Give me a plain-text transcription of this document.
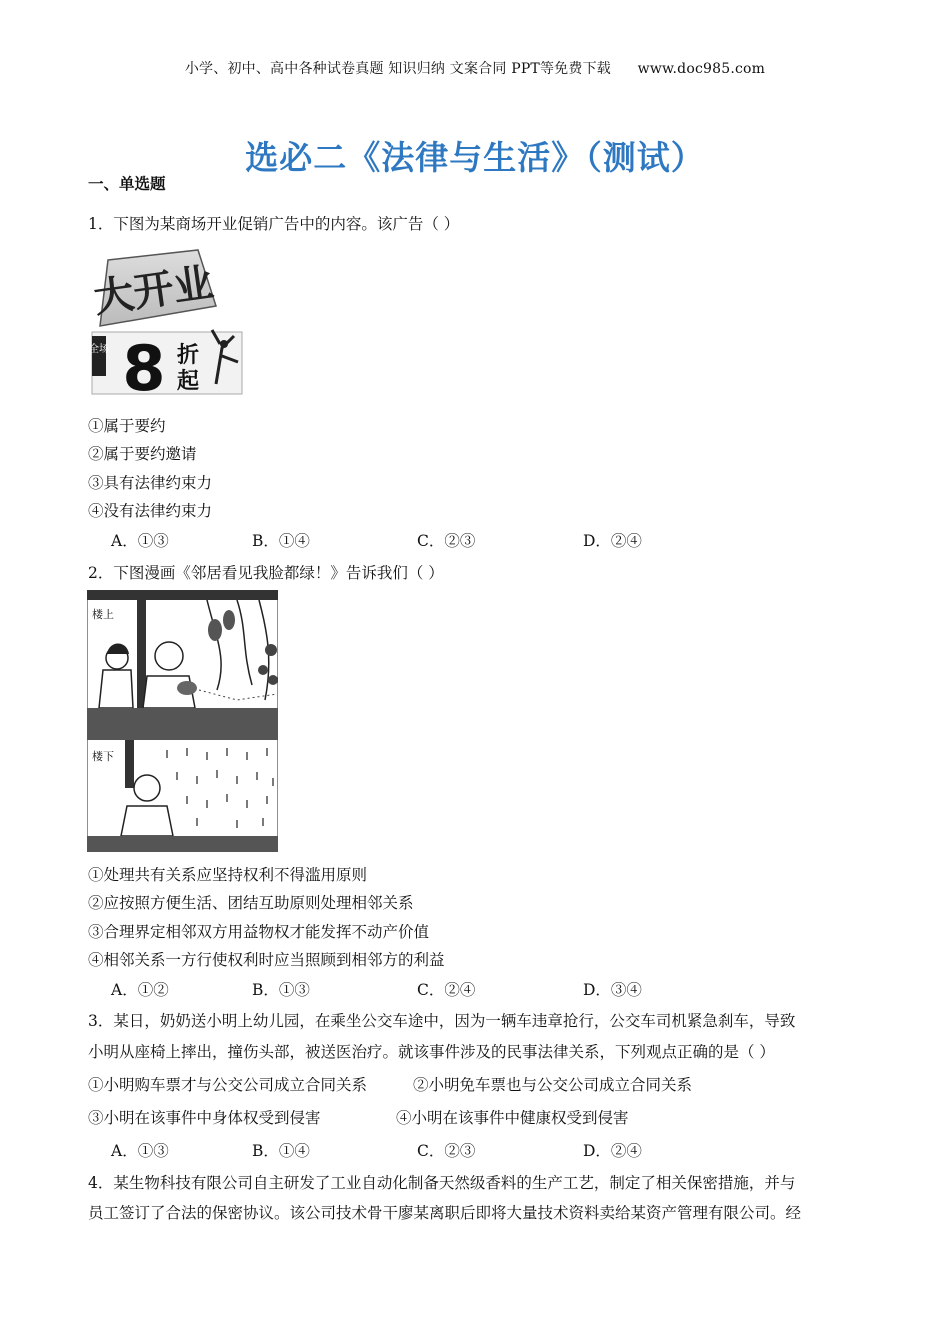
小学、初中、高中各种试卷真题 知识归纳 文案合同 PPT等免费下载 www.doc985.com
选必二《法律与生活》（测试）
一、单选题
1．下图为某商场开业促销广告中的内容。该广告（ ）
大开业
全场 8 折
起
①属于要约
②属于要约邀请
③具有法律约束力
④没有法律约束力
A．①③	B．①④	C．②③	D．②④
2．下图漫画《邻居看见我脸都绿！》告诉我们（ ）
楼上
楼下
①处理共有关系应坚持权利不得滥用原则
②应按照方便生活、团结互助原则处理相邻关系
③合理界定相邻双方用益物权才能发挥不动产价值
④相邻关系一方行使权利时应当照顾到相邻方的利益
A．①②	B．①③	C．②④	D．③④
3．某日，奶奶送小明上幼儿园，在乘坐公交车途中，因为一辆车违章抢行，公交车司机紧急刹车，导致
小明从座椅上摔出，撞伤头部，被送医治疗。就该事件涉及的民事法律关系，下列观点正确的是（ ）
①小明购车票才与公交公司成立合同关系	②小明免车票也与公交公司成立合同关系
③小明在该事件中身体权受到侵害	④小明在该事件中健康权受到侵害
A．①③	B．①④	C．②③	D．②④
4．某生物科技有限公司自主研发了工业自动化制备天然级香料的生产工艺，制定了相关保密措施，并与
员工签订了合法的保密协议。该公司技术骨干廖某离职后即将大量技术资料卖给某资产管理有限公司。经
